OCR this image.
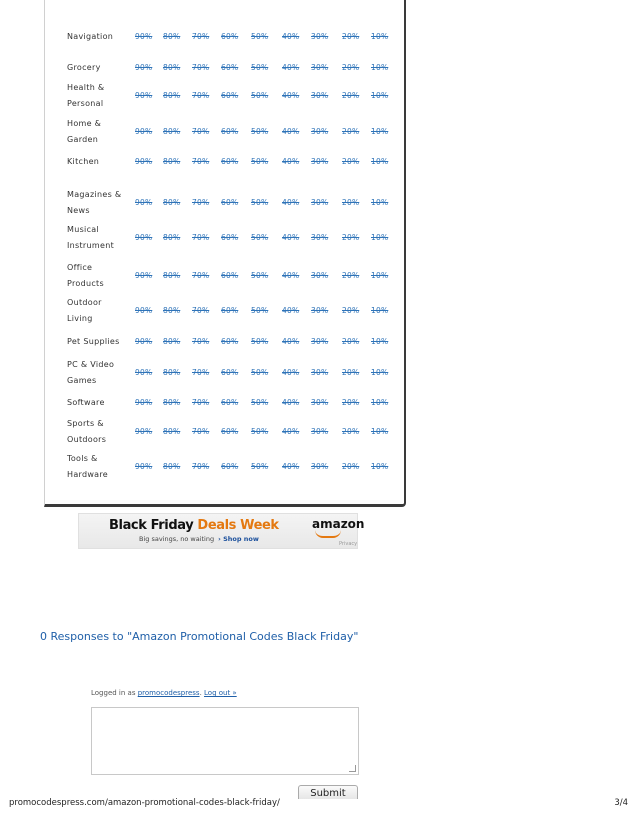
Navigation	90% 80% 70% 60% 50% 40% 30% 20% 10%
Grocery	90% 80% 70% 60% 50% 40% 30% 20% 10%
Health &
Personal
90% 80% 70% 60% 50% 40% 30% 20% 10%
Home &
Garden
90% 80% 70% 60% 50% 40% 30% 20% 10%
Kitchen	90% 80% 70% 60% 50% 40% 30% 20% 10%
Magazines &
News
90% 80% 70% 60% 50% 40% 30% 20% 10%
Musical
Instrument
90% 80% 70% 60% 50% 40% 30% 20% 10%
Office
Products
90% 80% 70% 60% 50% 40% 30% 20% 10%
Outdoor
Living
90% 80% 70% 60% 50% 40% 30% 20% 10%
Pet Supplies	90% 80% 70% 60% 50% 40% 30% 20% 10%
PC & Video
Games
90% 80% 70% 60% 50% 40% 30% 20% 10%
Software	90% 80% 70% 60% 50% 40% 30% 20% 10%
Sports &
Outdoors
90% 80% 70% 60% 50% 40% 30% 20% 10%
Tools &
Hardware
90% 80% 70% 60% 50% 40% 30% 20% 10%
Black Friday Deals Week
Big savings, no waiting › Shop now
amazon
Privacy
0 Responses to "Amazon Promotional Codes Black Friday"
Logged in as promocodespress. Log out »
Submit
promocodespress.com/amazon-promotional-codes-black-friday/	3/4
